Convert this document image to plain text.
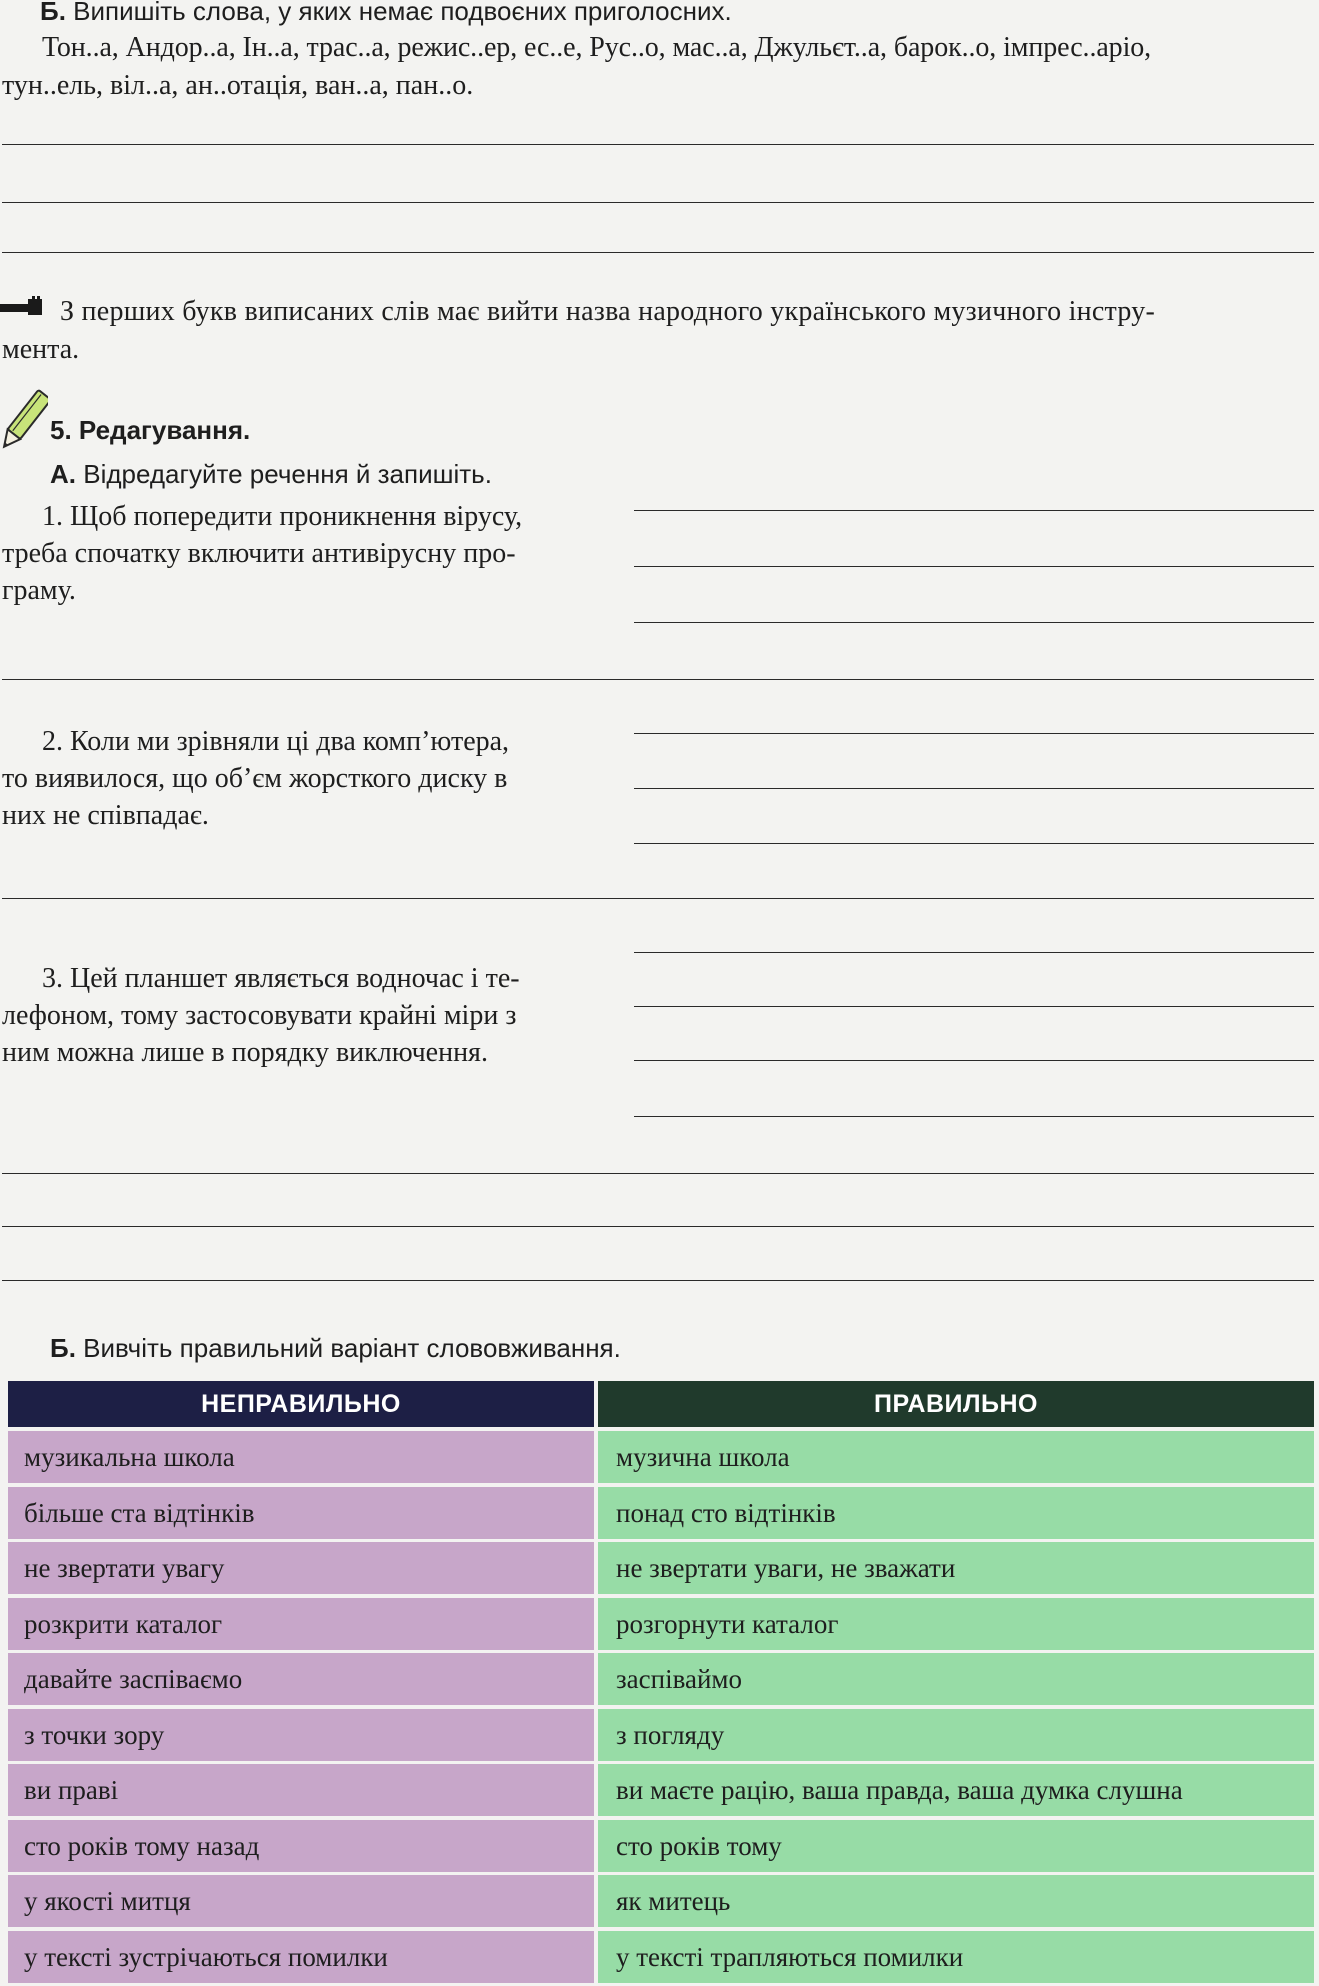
Б. Випишіть слова, у яких немає подвоєних приголосних.
Тон..а, Андор..а, Ін..а, трас..а, режис..ер, ес..е, Рус..о, мас..а, Джульєт..а, барок..о, імпрес..аріо,
тун..ель, віл..а, ан..отація, ван..а, пан..о.
З перших букв виписаних слів має вийти назва народного українського музичного інстру-
мента.
5. Редагування.
А. Відредагуйте речення й запишіть.
1. Щоб попередити проникнення вірусу,
треба спочатку включити антивірусну про-
граму.
2. Коли ми зрівняли ці два комп’ютера,
то виявилося, що об’єм жорсткого диску в
них не співпадає.
3. Цей планшет являється водночас і те-
лефоном, тому застосовувати крайні міри з
ним можна лише в порядку виключення.
Б. Вивчіть правильний варіант слововживання.
НЕПРАВИЛЬНО	ПРАВИЛЬНО
музикальна школа	музична школа
більше ста відтінків	понад сто відтінків
не звертати увагу	не звертати уваги, не зважати
розкрити каталог	розгорнути каталог
давайте заспіваємо	заспіваймо
з точки зору	з погляду
ви праві	ви маєте рацію, ваша правда, ваша думка слушна
сто років тому назад	сто років тому
у якості митця	як митець
у тексті зустрічаються помилки	у тексті трапляються помилки
